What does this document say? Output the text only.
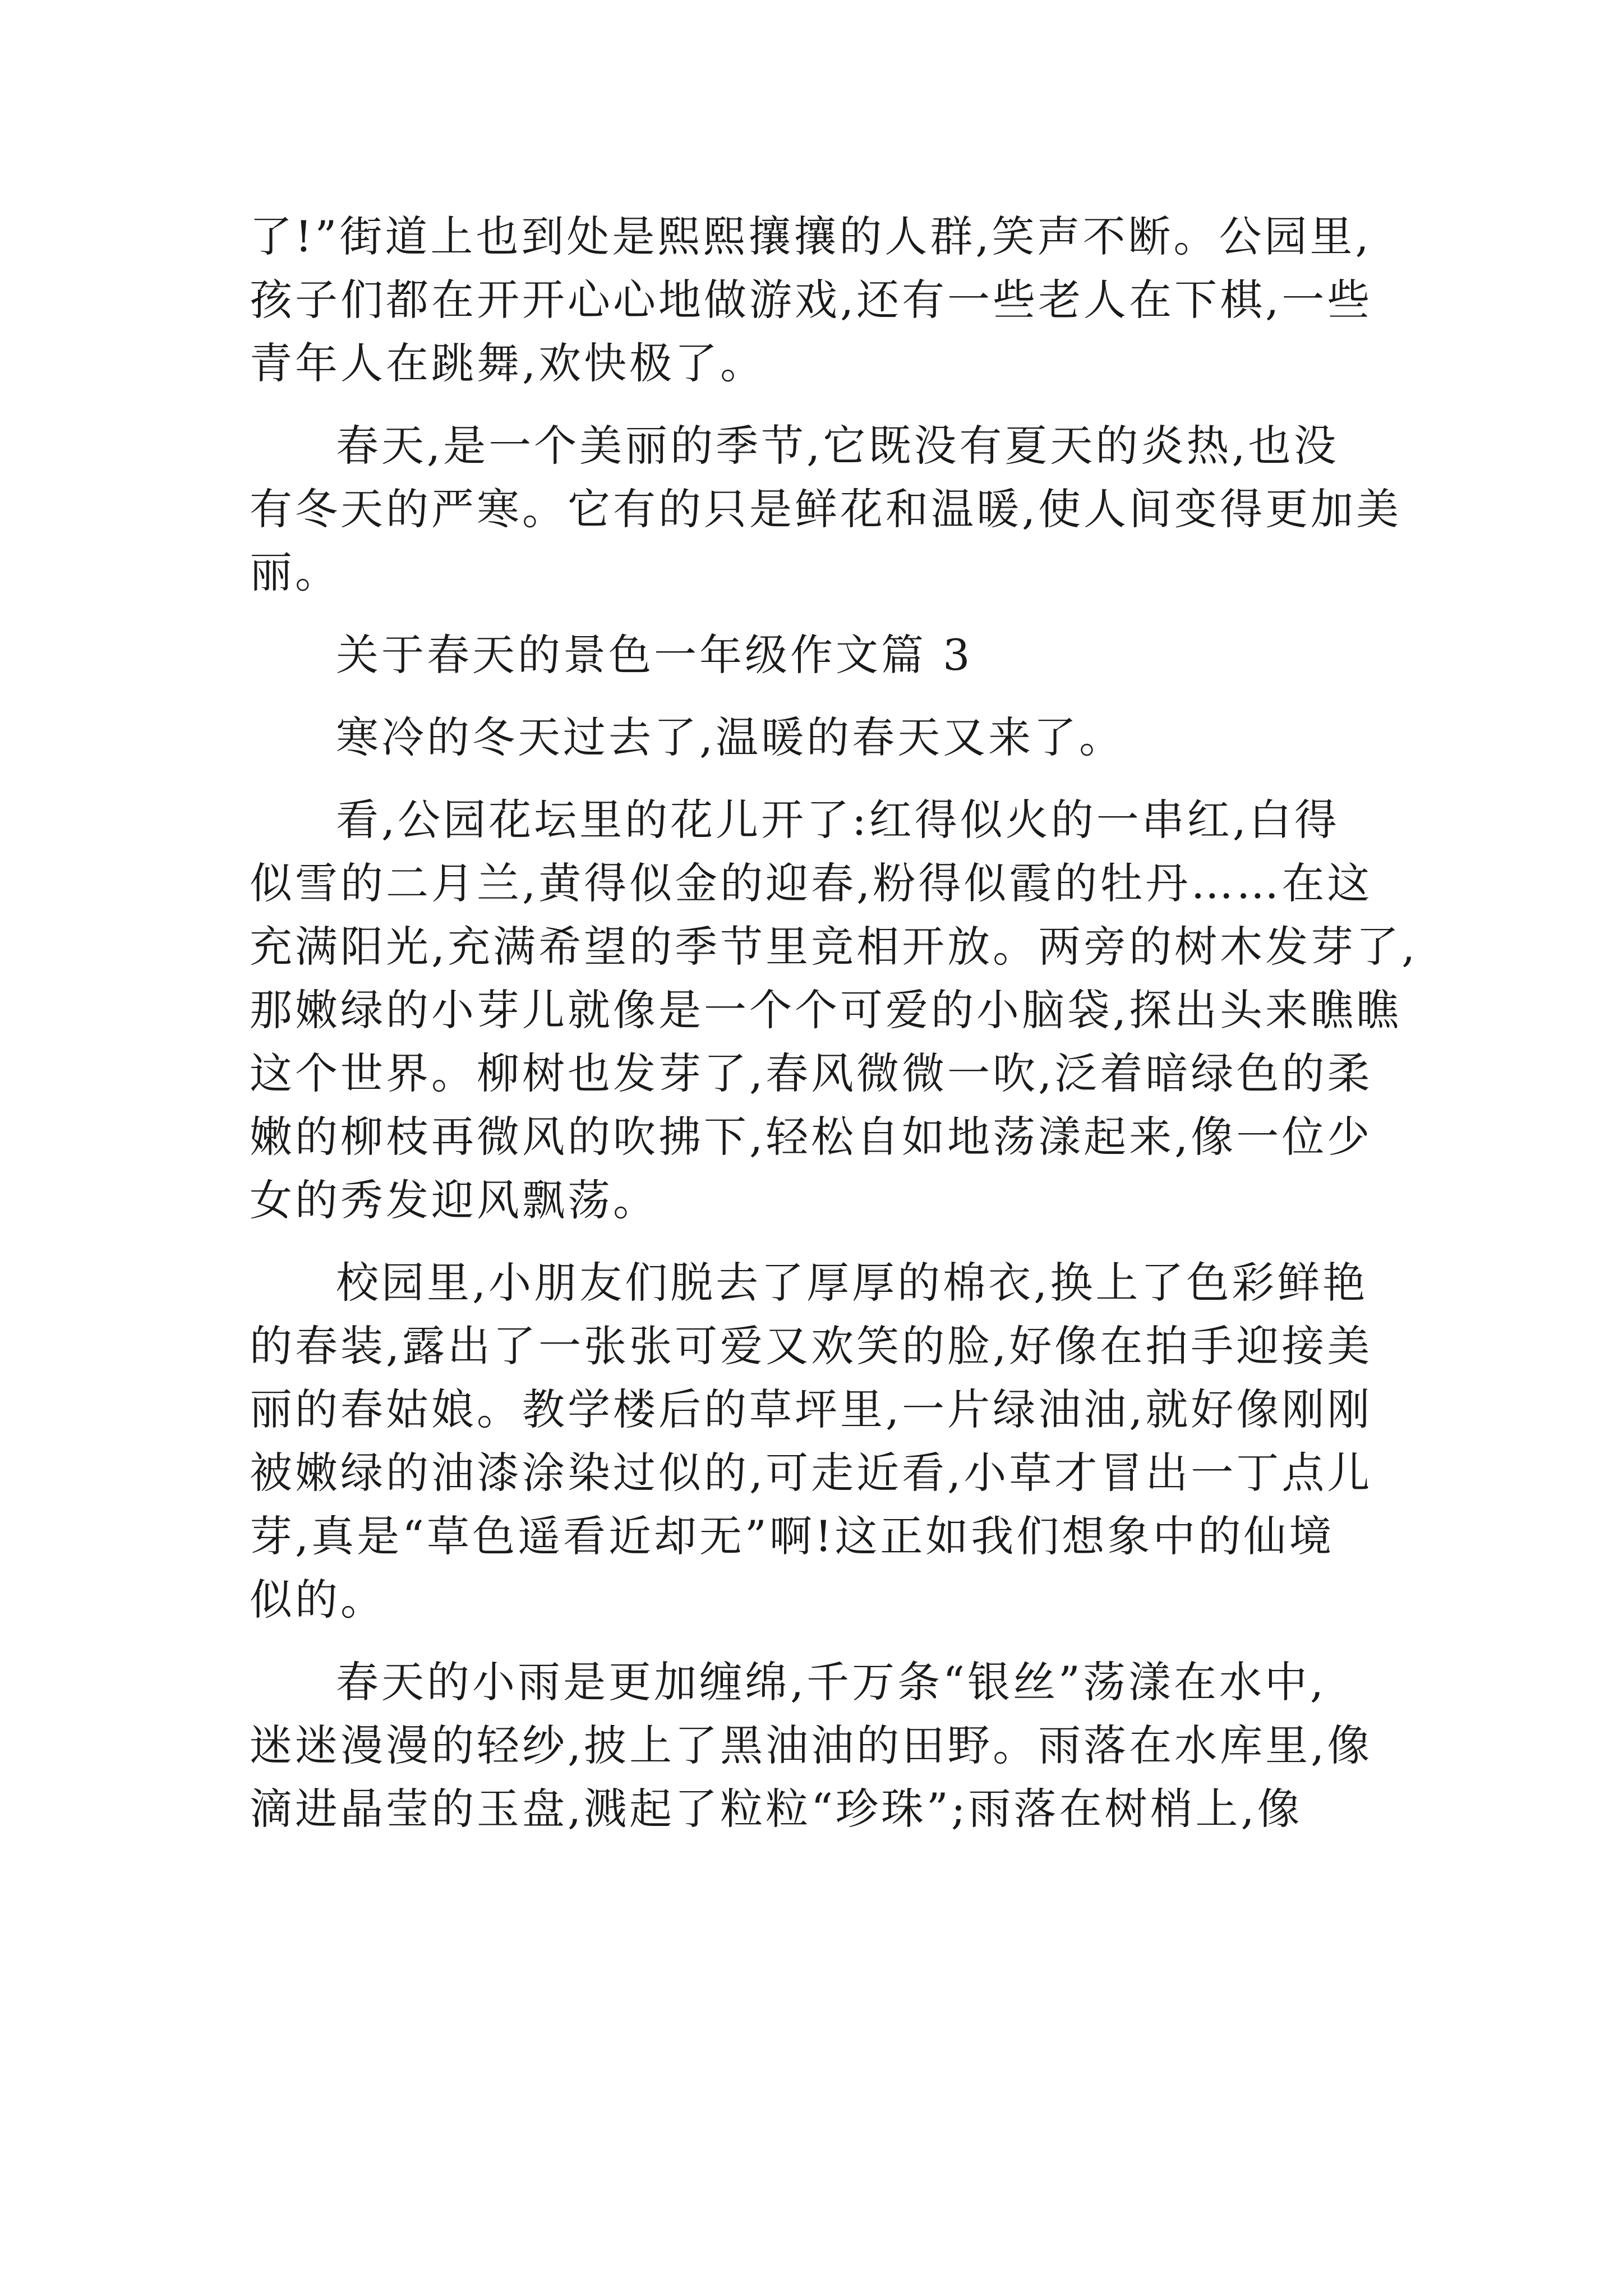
了!”街道上也到处是熙熙攘攘的人群,笑声不断。公园里,
孩子们都在开开心心地做游戏,还有一些老人在下棋,一些
青年人在跳舞,欢快极了。
春天,是一个美丽的季节,它既没有夏天的炎热,也没
有冬天的严寒。它有的只是鲜花和温暖,使人间变得更加美
丽。
关于春天的景色一年级作文篇 3
寒冷的冬天过去了,温暖的春天又来了。
看,公园花坛里的花儿开了:红得似火的一串红,白得
似雪的二月兰,黄得似金的迎春,粉得似霞的牡丹……在这
充满阳光,充满希望的季节里竞相开放。两旁的树木发芽了,
那嫩绿的小芽儿就像是一个个可爱的小脑袋,探出头来瞧瞧
这个世界。柳树也发芽了,春风微微一吹,泛着暗绿色的柔
嫩的柳枝再微风的吹拂下,轻松自如地荡漾起来,像一位少
女的秀发迎风飘荡。
校园里,小朋友们脱去了厚厚的棉衣,换上了色彩鲜艳
的春装,露出了一张张可爱又欢笑的脸,好像在拍手迎接美
丽的春姑娘。教学楼后的草坪里,一片绿油油,就好像刚刚
被嫩绿的油漆涂染过似的,可走近看,小草才冒出一丁点儿
芽,真是“草色遥看近却无”啊!这正如我们想象中的仙境
似的。
春天的小雨是更加缠绵,千万条“银丝”荡漾在水中,
迷迷漫漫的轻纱,披上了黑油油的田野。雨落在水库里,像
滴进晶莹的玉盘,溅起了粒粒“珍珠”;雨落在树梢上,像
